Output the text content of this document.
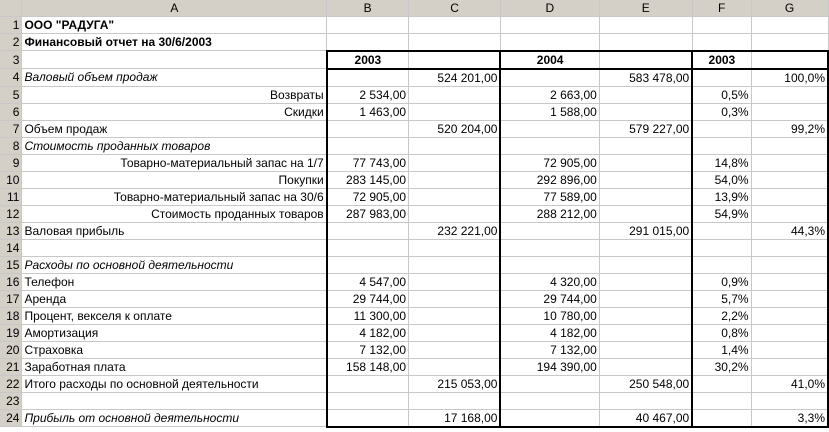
	A	B	C	D	E	F	G
1	ООО "РАДУГА"						
2	Финансовый отчет на 30/6/2003						
3		2003		2004		2003	
4	Валовый объем продаж		524 201,00		583 478,00		100,0%
5	Возвраты	2 534,00		2 663,00		0,5%	
6	Скидки	1 463,00		1 588,00		0,3%	
7	Объем продаж		520 204,00		579 227,00		99,2%
8	Стоимость проданных товаров						
9	Товарно-материальный запас на 1/7	77 743,00		72 905,00		14,8%	
10	Покупки	283 145,00		292 896,00		54,0%	
11	Товарно-материальный запас на 30/6	72 905,00		77 589,00		13,9%	
12	Стоимость проданных товаров	287 983,00		288 212,00		54,9%	
13	Валовая прибыль		232 221,00		291 015,00		44,3%
14							
15	Расходы по основной деятельности						
16	Телефон	4 547,00		4 320,00		0,9%	
17	Аренда	29 744,00		29 744,00		5,7%	
18	Процент, векселя к оплате	11 300,00		10 780,00		2,2%	
19	Амортизация	4 182,00		4 182,00		0,8%	
20	Страховка	7 132,00		7 132,00		1,4%	
21	Заработная плата	158 148,00		194 390,00		30,2%	
22	Итого расходы по основной деятельности		215 053,00		250 548,00		41,0%
23							
24	Прибыль от основной деятельности		17 168,00		40 467,00		3,3%
